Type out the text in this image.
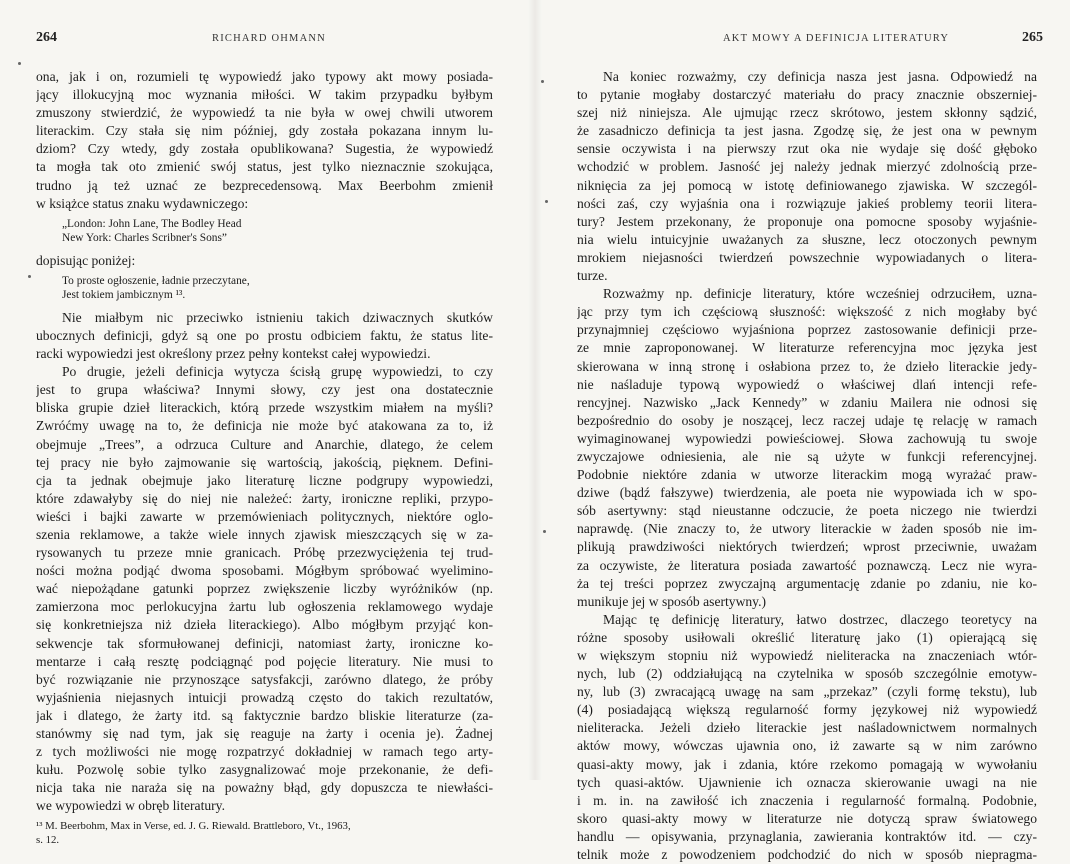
264	RICHARD OHMANN
ona, jak i on, rozumieli tę wypowiedź jako typowy akt mowy posiada-
jący illokucyjną moc wyznania miłości. W takim przypadku byłbym
zmuszony stwierdzić, że wypowiedź ta nie była w owej chwili utworem
literackim. Czy stała się nim później, gdy została pokazana innym lu-
dziom? Czy wtedy, gdy została opublikowana? Sugestia, że wypowiedź
ta mogła tak oto zmienić swój status, jest tylko nieznacznie szokująca,
trudno ją też uznać ze bezprecedensową. Max Beerbohm zmienił
w książce status znaku wydawniczego:
„London: John Lane, The Bodley Head
New York: Charles Scribner's Sons”
dopisując poniżej:
To proste ogłoszenie, ładnie przeczytane,
Jest tokiem jambicznym ¹³.
Nie miałbym nic przeciwko istnieniu takich dziwacznych skutków
ubocznych definicji, gdyż są one po prostu odbiciem faktu, że status lite-
racki wypowiedzi jest określony przez pełny kontekst całej wypowiedzi.
Po drugie, jeżeli definicja wytycza ścisłą grupę wypowiedzi, to czy
jest to grupa właściwa? Innymi słowy, czy jest ona dostatecznie
bliska grupie dzieł literackich, którą przede wszystkim miałem na myśli?
Zwróćmy uwagę na to, że definicja nie może być atakowana za to, iż
obejmuje „Trees”, a odrzuca Culture and Anarchie, dlatego, że celem
tej pracy nie było zajmowanie się wartością, jakością, pięknem. Defini-
cja ta jednak obejmuje jako literaturę liczne podgrupy wypowiedzi,
które zdawałyby się do niej nie należeć: żarty, ironiczne repliki, przypo-
wieści i bajki zawarte w przemówieniach politycznych, niektóre oglo-
szenia reklamowe, a także wiele innych zjawisk mieszczących się w za-
rysowanych tu przeze mnie granicach. Próbę przezwyciężenia tej trud-
ności można podjąć dwoma sposobami. Mógłbym spróbować wyelimino-
wać niepożądane gatunki poprzez zwiększenie liczby wyróżników (np.
zamierzona moc perlokucyjna żartu lub ogłoszenia reklamowego wydaje
się konkretniejsza niż dzieła literackiego). Albo mógłbym przyjąć kon-
sekwencje tak sformułowanej definicji, natomiast żarty, ironiczne ko-
mentarze i całą resztę podciągnąć pod pojęcie literatury. Nie musi to
być rozwiązanie nie przynoszące satysfakcji, zarówno dlatego, że próby
wyjaśnienia niejasnych intuicji prowadzą często do takich rezultatów,
jak i dlatego, że żarty itd. są faktycznie bardzo bliskie literaturze (za-
stanówmy się nad tym, jak się reaguje na żarty i ocenia je). Żadnej
z tych możliwości nie mogę rozpatrzyć dokładniej w ramach tego arty-
kułu. Pozwolę sobie tylko zasygnalizować moje przekonanie, że defi-
nicja taka nie naraża się na poważny błąd, gdy dopuszcza te niewłaści-
we wypowiedzi w obręb literatury.
¹³ M. Beerbohm, Max in Verse, ed. J. G. Riewald. Brattleboro, Vt., 1963,
s. 12.
AKT MOWY A DEFINICJA LITERATURY	265
Na koniec rozważmy, czy definicja nasza jest jasna. Odpowiedź na
to pytanie mogłaby dostarczyć materiału do pracy znacznie obszerniej-
szej niż niniejsza. Ale ujmując rzecz skrótowo, jestem skłonny sądzić,
że zasadniczo definicja ta jest jasna. Zgodzę się, że jest ona w pewnym
sensie oczywista i na pierwszy rzut oka nie wydaje się dość głęboko
wchodzić w problem. Jasność jej należy jednak mierzyć zdolnością prze-
niknięcia za jej pomocą w istotę definiowanego zjawiska. W szczegól-
ności zaś, czy wyjaśnia ona i rozwiązuje jakieś problemy teorii litera-
tury? Jestem przekonany, że proponuje ona pomocne sposoby wyjaśnie-
nia wielu intuicyjnie uważanych za słuszne, lecz otoczonych pewnym
mrokiem niejasności twierdzeń powszechnie wypowiadanych o litera-
turze.
Rozważmy np. definicje literatury, które wcześniej odrzuciłem, uzna-
jąc przy tym ich częściową słuszność: większość z nich mogłaby być
przynajmniej częściowo wyjaśniona poprzez zastosowanie definicji prze-
ze mnie zaproponowanej. W literaturze referencyjna moc języka jest
skierowana w inną stronę i osłabiona przez to, że dzieło literackie jedy-
nie naśladuje typową wypowiedź o właściwej dlań intencji refe-
rencyjnej. Nazwisko „Jack Kennedy” w zdaniu Mailera nie odnosi się
bezpośrednio do osoby je noszącej, lecz raczej udaje tę relację w ramach
wyimaginowanej wypowiedzi powieściowej. Słowa zachowują tu swoje
zwyczajowe odniesienia, ale nie są użyte w funkcji referencyjnej.
Podobnie niektóre zdania w utworze literackim mogą wyrażać praw-
dziwe (bądź fałszywe) twierdzenia, ale poeta nie wypowiada ich w spo-
sób asertywny: stąd nieustanne odczucie, że poeta niczego nie twierdzi
naprawdę. (Nie znaczy to, że utwory literackie w żaden sposób nie im-
plikują prawdziwości niektórych twierdzeń; wprost przeciwnie, uważam
za oczywiste, że literatura posiada zawartość poznawczą. Lecz nie wyra-
ża tej treści poprzez zwyczajną argumentację zdanie po zdaniu, nie ko-
munikuje jej w sposób asertywny.)
Mając tę definicję literatury, łatwo dostrzec, dlaczego teoretycy na
różne sposoby usiłowali określić literaturę jako (1) opierającą się
w większym stopniu niż wypowiedź nieliteracka na znaczeniach wtór-
nych, lub (2) oddziałującą na czytelnika w sposób szczególnie emotyw-
ny, lub (3) zwracającą uwagę na sam „przekaz” (czyli formę tekstu), lub
(4) posiadającą większą regularność formy językowej niż wypowiedź
nieliteracka. Jeżeli dzieło literackie jest naśladownictwem normalnych
aktów mowy, wówczas ujawnia ono, iż zawarte są w nim zarówno
quasi-akty mowy, jak i zdania, które rzekomo pomagają w wywołaniu
tych quasi-aktów. Ujawnienie ich oznacza skierowanie uwagi na nie
i m. in. na zawiłość ich znaczenia i regularność formalną. Podobnie,
skoro quasi-akty mowy w literaturze nie dotyczą spraw światowego
handlu — opisywania, przynaglania, zawierania kontraktów itd. — czy-
telnik może z powodzeniem podchodzić do nich w sposób niepragma-
